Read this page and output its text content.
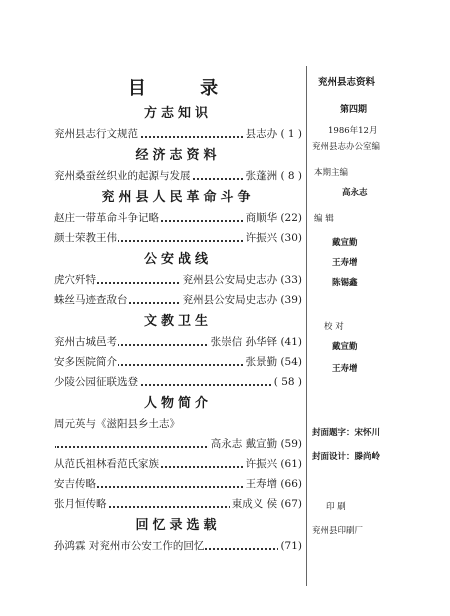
目 录
方志知识
兖州县志行文规范	县志办 ( 1 )
经济志资料
兖州桑蚕丝织业的起源与发展	张蓬洲 ( 8 )
兖州县人民革命斗争
赵庄一带革命斗争记略	商顺华 (22)
颜士荣教王伟	许振兴 (30)
公安战线
虎穴歼特	兖州县公安局史志办 (33)
蛛丝马迹查敌台	兖州县公安局史志办 (39)
文教卫生
兖州古城邑考	张崇信 孙华铎 (41)
安多医院简介	张景勤 (54)
少陵公园征联选登	( 58 )
人物简介
周元英与《滋阳县乡土志》
高永志 戴宣勤 (59)
从范氏祖林看范氏家族	许振兴 (61)
安吉传略	王寿增 (66)
张月恒传略	東成义 侯 (67)
回忆录选载
孙鸿霖 对兖州市公安工作的回忆	(71)
兖州县志资料
第四期
1986年12月
兖州县志办公室编
本期主编
高永志
编 辑
戴宣勤
王寿增
陈锡鑫
校 对
戴宣勤
王寿增
封面题字：宋怀川
封面设计：滕尚岭
印 刷
兖州县印刷厂
